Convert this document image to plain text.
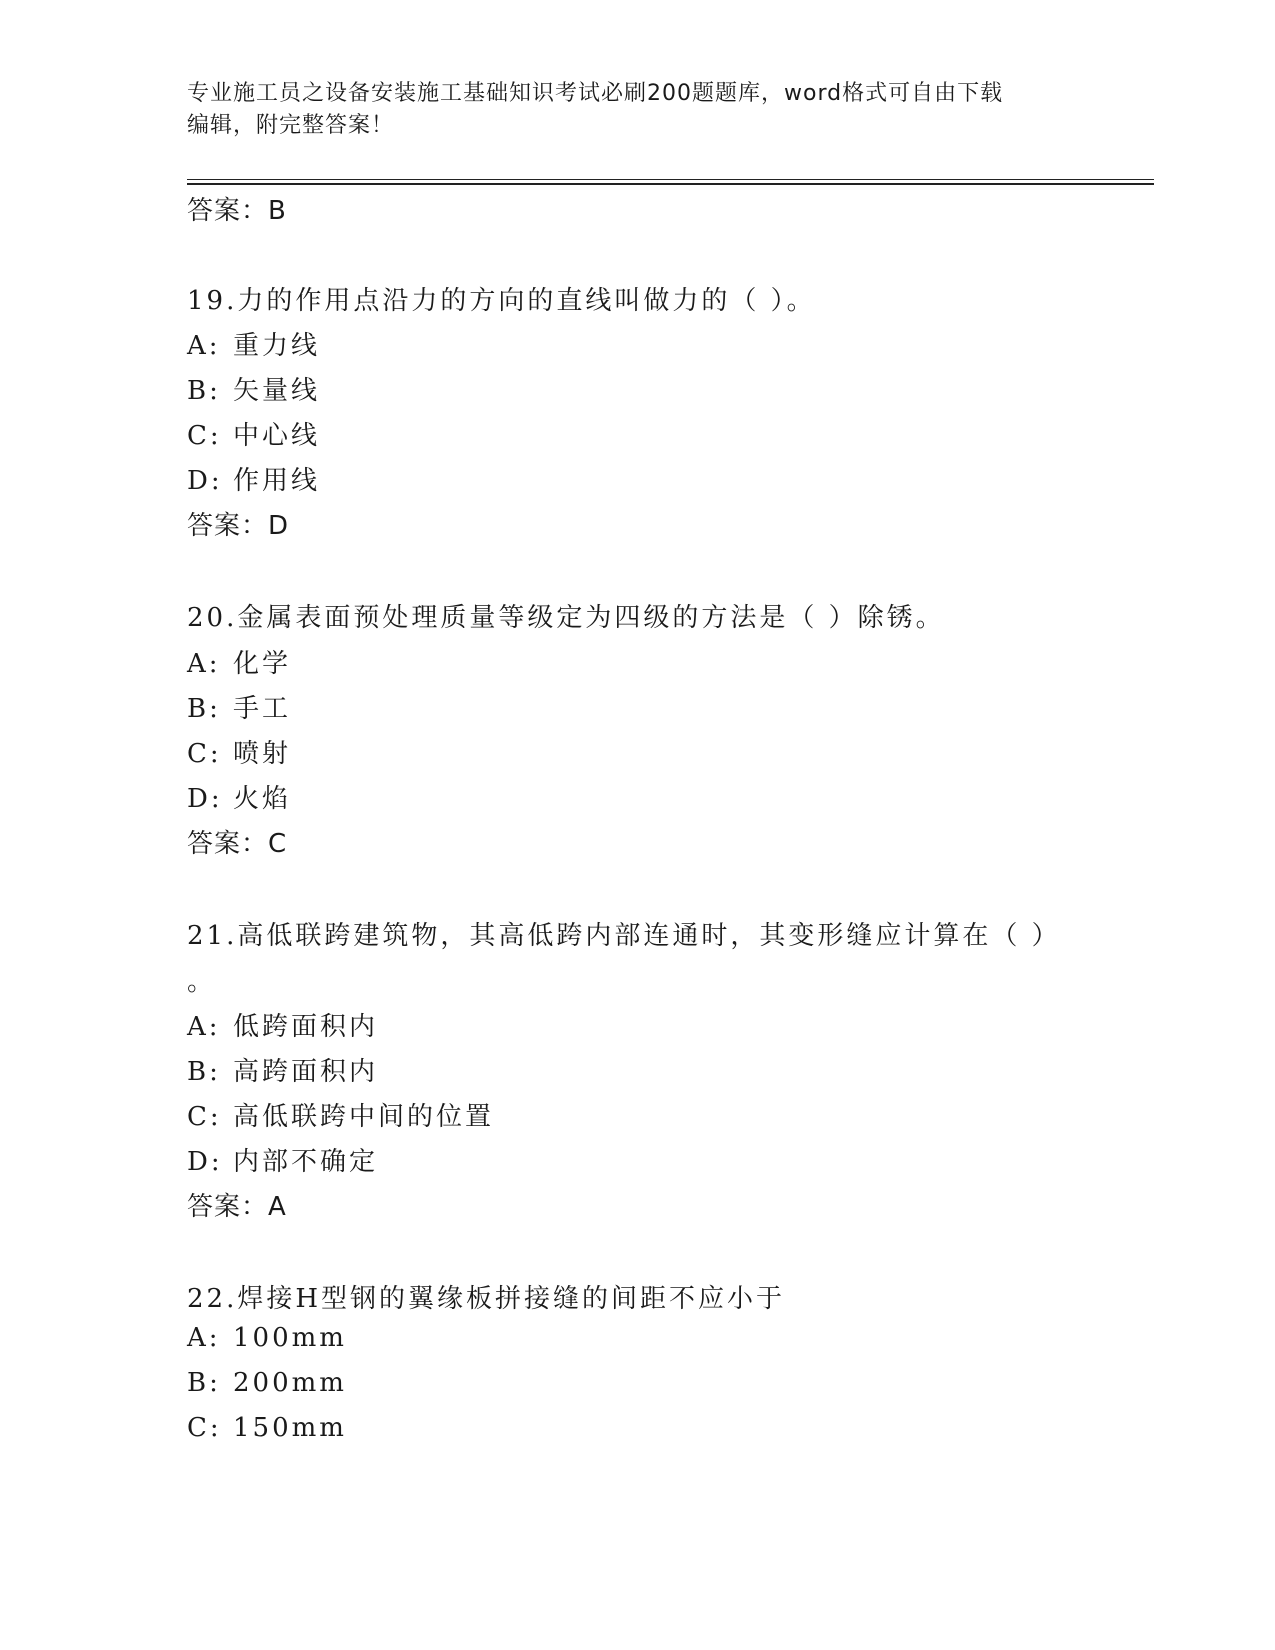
专业施工员之设备安装施工基础知识考试必刷200题题库，word格式可自由下载
编辑，附完整答案！
答案：B
19.力的作用点沿力的方向的直线叫做力的（ ）。
A: 重力线
B: 矢量线
C: 中心线
D: 作用线
答案：D
20.金属表面预处理质量等级定为四级的方法是（ ）除锈。
A: 化学
B: 手工
C: 喷射
D: 火焰
答案：C
21.高低联跨建筑物，其高低跨内部连通时，其变形缝应计算在（ ）
。
A: 低跨面积内
B: 高跨面积内
C: 高低联跨中间的位置
D: 内部不确定
答案：A
22.焊接H型钢的翼缘板拼接缝的间距不应小于
A: 100mm
B: 200mm
C: 150mm
